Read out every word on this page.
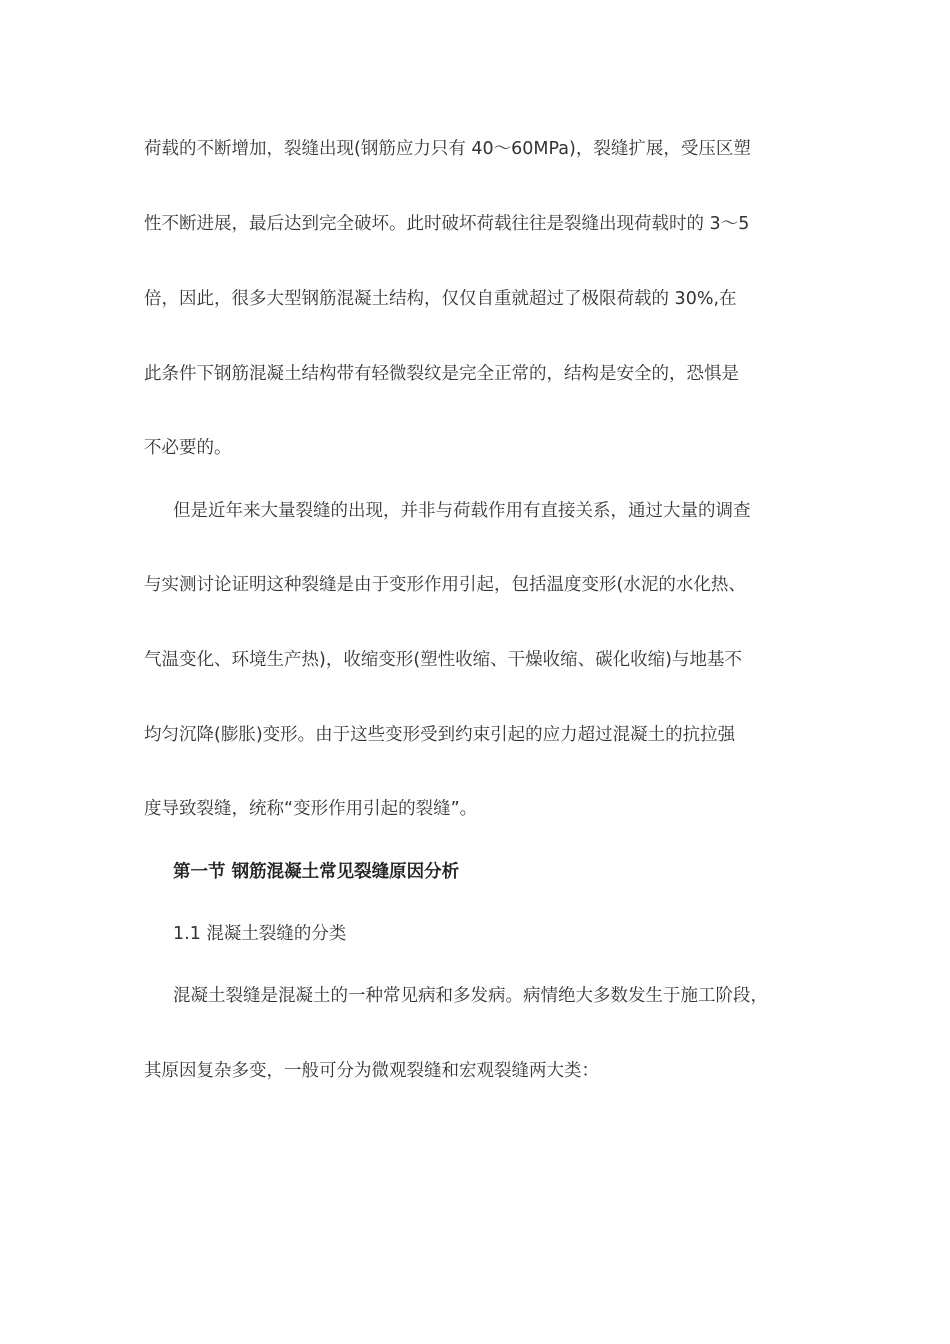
荷载的不断增加，裂缝出现(钢筋应力只有 40～60MPa)，裂缝扩展，受压区塑
性不断进展，最后达到完全破坏。此时破坏荷载往往是裂缝出现荷载时的 3～5
倍，因此，很多大型钢筋混凝土结构，仅仅自重就超过了极限荷载的 30%,在
此条件下钢筋混凝土结构带有轻微裂纹是完全正常的，结构是安全的，恐惧是
不必要的。
但是近年来大量裂缝的出现，并非与荷载作用有直接关系，通过大量的调查
与实测讨论证明这种裂缝是由于变形作用引起，包括温度变形(水泥的水化热、
气温变化、环境生产热)，收缩变形(塑性收缩、干燥收缩、碳化收缩)与地基不
均匀沉降(膨胀)变形。由于这些变形受到约束引起的应力超过混凝土的抗拉强
度导致裂缝，统称“变形作用引起的裂缝”。
第一节 钢筋混凝土常见裂缝原因分析
1.1 混凝土裂缝的分类
混凝土裂缝是混凝土的一种常见病和多发病。病情绝大多数发生于施工阶段，
其原因复杂多变，一般可分为微观裂缝和宏观裂缝两大类：
